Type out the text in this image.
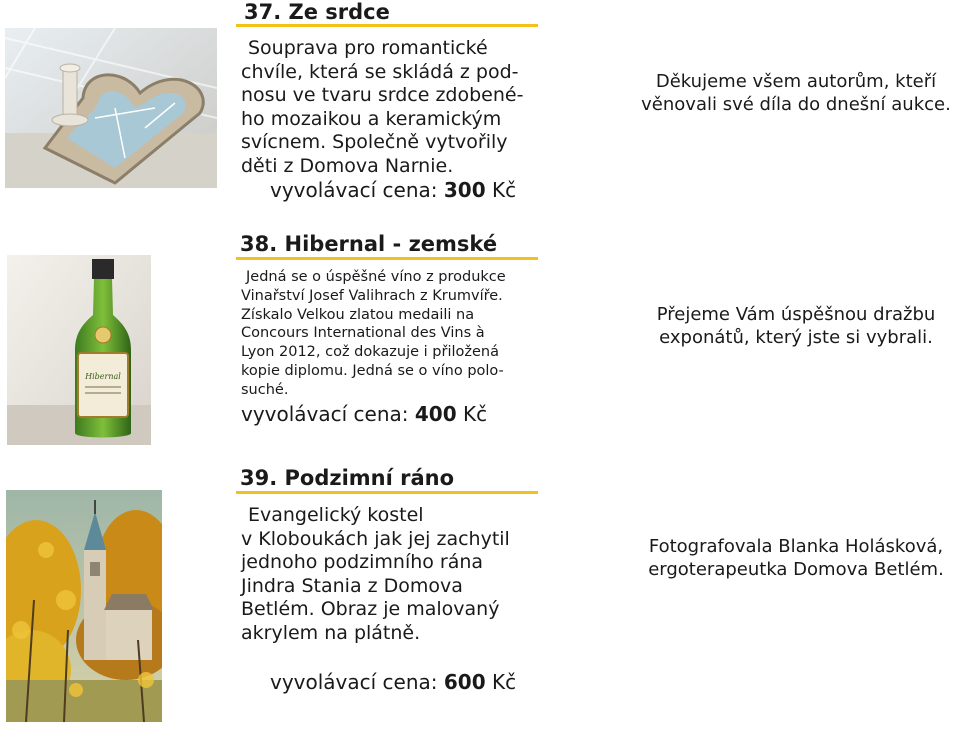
37. Ze srdce
Souprava pro romantické
chvíle, která se skládá z pod-
nosu ve tvaru srdce zdobené-
ho mozaikou a keramickým
svícnem. Společně vytvořily
děti z Domova Narnie.
vyvolávací cena: 300 Kč
Hibernal
38. Hibernal - zemské
Jedná se o úspěšné víno z produkce
Vinařství Josef Valihrach z Krumvíře.
Získalo Velkou zlatou medaili na
Concours International des Vins à
Lyon 2012, což dokazuje i přiložená
kopie diplomu. Jedná se o víno polo-
suché.
vyvolávací cena: 400 Kč
39. Podzimní ráno
Evangelický kostel
v Kloboukách jak jej zachytil
jednoho podzimního rána
Jindra Stania z Domova
Betlém. Obraz je malovaný
akrylem na plátně.
vyvolávací cena: 600 Kč
Děkujeme všem autorům, kteří
věnovali své díla do dnešní aukce.
Přejeme Vám úspěšnou dražbu
exponátů, který jste si vybrali.
Fotografovala Blanka Holásková,
ergoterapeutka Domova Betlém.
